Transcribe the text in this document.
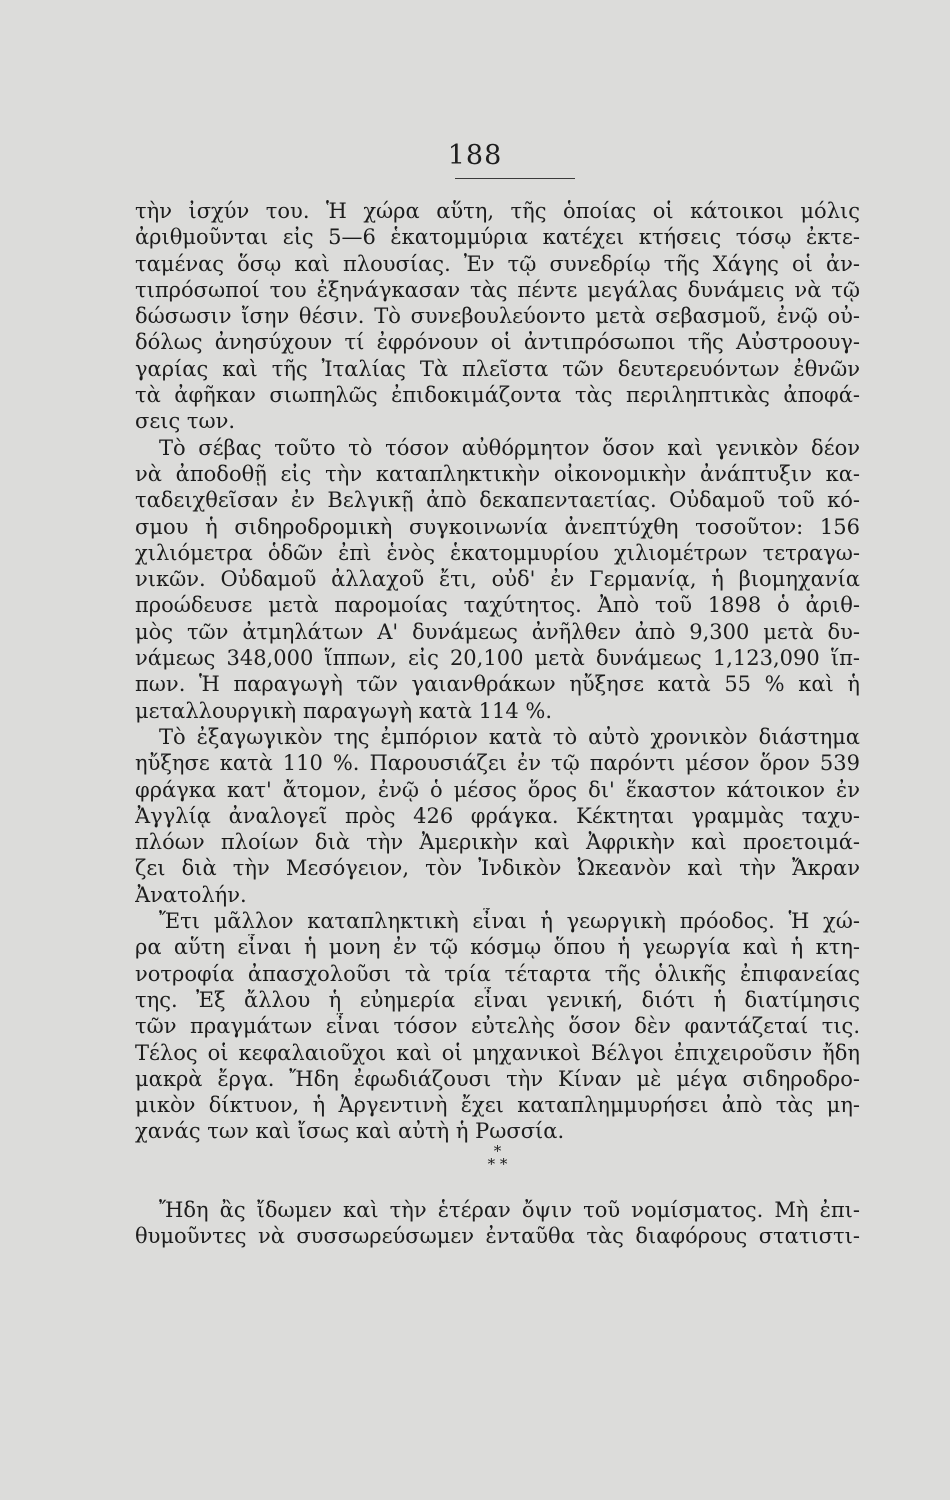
188
τὴν ἰσχύν του. Ἡ χώρα αὕτη, τῆς ὁποίας οἱ κάτοικοι μόλις
ἀριθμοῦνται εἰς 5—6 ἑκατομμύρια κατέχει κτήσεις τόσῳ ἐκτε-
ταμένας ὅσῳ καὶ πλουσίας. Ἐν τῷ συνεδρίῳ τῆς Χάγης οἱ ἀν-
τιπρόσωποί του ἐξηνάγκασαν τὰς πέντε μεγάλας δυνάμεις νὰ τῷ
δώσωσιν ἴσην θέσιν. Τὸ συνεβουλεύοντο μετὰ σεβασμοῦ, ἐνῷ οὐ-
δόλως ἀνησύχουν τί ἐφρόνουν οἱ ἀντιπρόσωποι τῆς Αὐστροουγ-
γαρίας καὶ τῆς Ἰταλίας Τὰ πλεῖστα τῶν δευτερευόντων ἐθνῶν
τὰ ἀφῆκαν σιωπηλῶς ἐπιδοκιμάζοντα τὰς περιληπτικὰς ἀποφά-
σεις των.
Τὸ σέβας τοῦτο τὸ τόσον αὐθόρμητον ὅσον καὶ γενικὸν δέον
νὰ ἀποδοθῇ εἰς τὴν καταπληκτικὴν οἰκονομικὴν ἀνάπτυξιν κα-
ταδειχθεῖσαν ἐν Βελγικῇ ἀπὸ δεκαπενταετίας. Οὐδαμοῦ τοῦ κό-
σμου ἡ σιδηροδρομικὴ συγκοινωνία ἀνεπτύχθη τοσοῦτον: 156
χιλιόμετρα ὁδῶν ἐπὶ ἑνὸς ἑκατομμυρίου χιλιομέτρων τετραγω-
νικῶν. Οὐδαμοῦ ἀλλαχοῦ ἔτι, οὐδ' ἐν Γερμανίᾳ, ἡ βιομηχανία
προώδευσε μετὰ παρομοίας ταχύτητος. Ἀπὸ τοῦ 1898 ὁ ἀριθ-
μὸς τῶν ἀτμηλάτων Α' δυνάμεως ἀνῆλθεν ἀπὸ 9,300 μετὰ δυ-
νάμεως 348,000 ἵππων, εἰς 20,100 μετὰ δυνάμεως 1,123,090 ἵπ-
πων. Ἡ παραγωγὴ τῶν γαιανθράκων ηὔξησε κατὰ 55 % καὶ ἡ
μεταλλουργικὴ παραγωγὴ κατὰ 114 %.
Τὸ ἐξαγωγικὸν της ἐμπόριον κατὰ τὸ αὐτὸ χρονικὸν διάστημα
ηὔξησε κατὰ 110 %. Παρουσιάζει ἐν τῷ παρόντι μέσον ὅρον 539
φράγκα κατ' ἄτομον, ἐνῷ ὁ μέσος ὅρος δι' ἕκαστον κάτοικον ἐν
Ἀγγλίᾳ ἀναλογεῖ πρὸς 426 φράγκα. Κέκτηται γραμμὰς ταχυ-
πλόων πλοίων διὰ τὴν Ἀμερικὴν καὶ Ἀφρικὴν καὶ προετοιμά-
ζει διὰ τὴν Μεσόγειον, τὸν Ἰνδικὸν Ὠκεανὸν καὶ τὴν Ἄκραν
Ἀνατολήν.
Ἔτι μᾶλλον καταπληκτικὴ εἶναι ἡ γεωργικὴ πρόοδος. Ἡ χώ-
ρα αὕτη εἶναι ἡ μονη ἐν τῷ κόσμῳ ὅπου ἡ γεωργία καὶ ἡ κτη-
νοτροφία ἀπασχολοῦσι τὰ τρία τέταρτα τῆς ὁλικῆς ἐπιφανείας
της. Ἐξ ἄλλου ἡ εὐημερία εἶναι γενική, διότι ἡ διατίμησις
τῶν πραγμάτων εἶναι τόσον εὐτελὴς ὅσον δὲν φαντάζεταί τις.
Τέλος οἱ κεφαλαιοῦχοι καὶ οἱ μηχανικοὶ Βέλγοι ἐπιχειροῦσιν ἤδη
μακρὰ ἔργα. Ἤδη ἐφωδιάζουσι τὴν Κίναν μὲ μέγα σιδηροδρο-
μικὸν δίκτυον, ἡ Ἀργεντινὴ ἔχει καταπλημμυρήσει ἀπὸ τὰς μη-
χανάς των καὶ ἴσως καὶ αὐτὴ ἡ Ρωσσία.
*
* *
Ἤδη ἂς ἴδωμεν καὶ τὴν ἑτέραν ὄψιν τοῦ νομίσματος. Μὴ ἐπι-
θυμοῦντες νὰ συσσωρεύσωμεν ἐνταῦθα τὰς διαφόρους στατιστι-
